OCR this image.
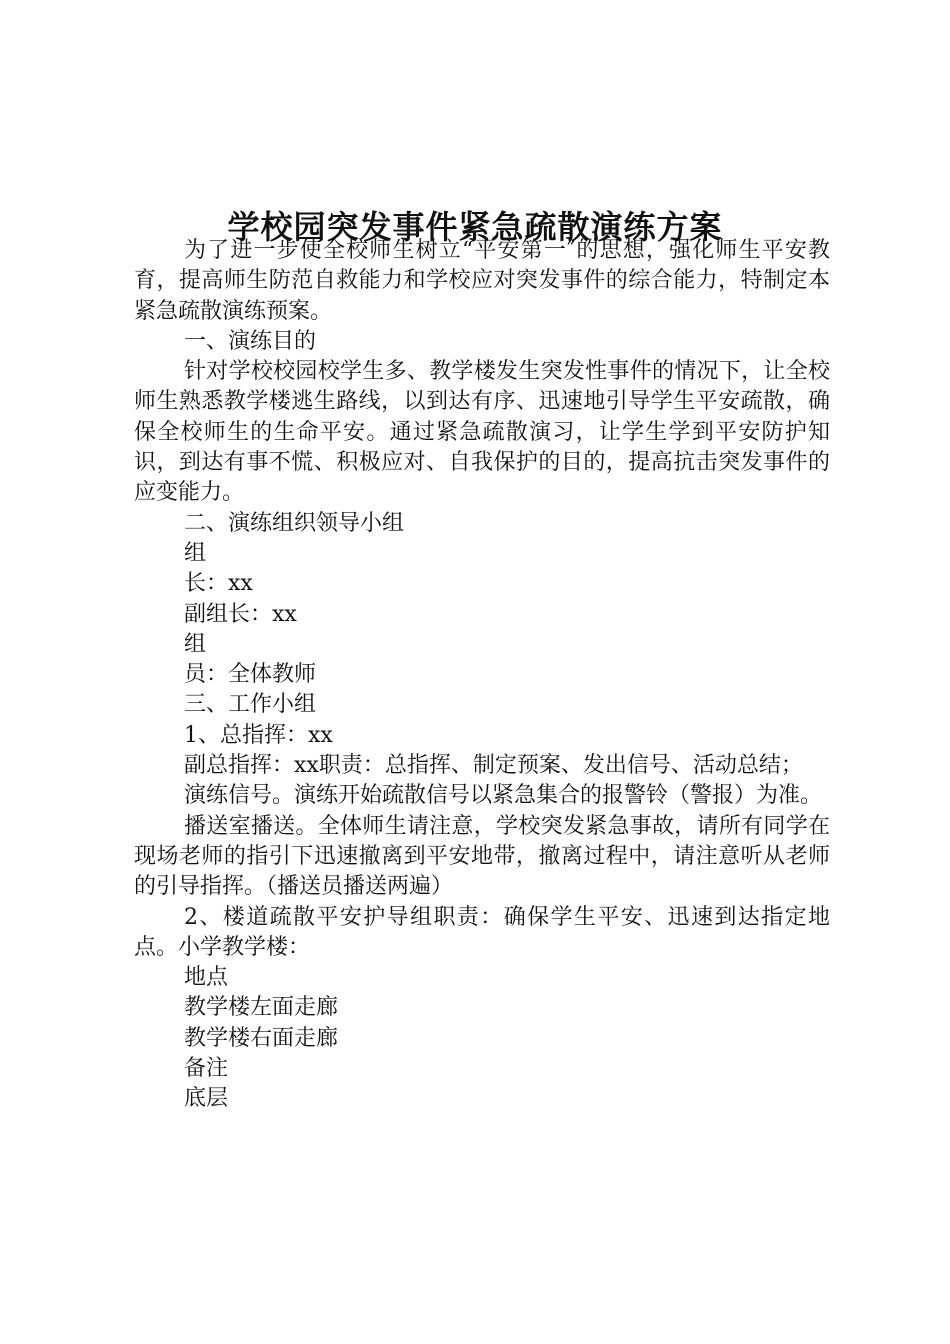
学校园突发事件紧急疏散演练方案

为了进一步使全校师生树立“平安第一″的思想，强化师生平安教育，提高师生防范自救能力和学校应对突发事件的综合能力，特制定本紧急疏散演练预案。

一、演练目的

针对学校校园校学生多、教学楼发生突发性事件的情况下，让全校师生熟悉教学楼逃生路线，以到达有序、迅速地引导学生平安疏散，确保全校师生的生命平安。通过紧急疏散演习，让学生学到平安防护知识，到达有事不慌、积极应对、自我保护的目的，提高抗击突发事件的应变能力。

二、演练组织领导小组

组

长：xx

副组长：xx

组

员：全体教师

三、工作小组

1、总指挥：xx

副总指挥：xx职责：总指挥、制定预案、发出信号、活动总结；

演练信号。演练开始疏散信号以紧急集合的报警铃（警报）为准。

播送室播送。全体师生请注意，学校突发紧急事故，请所有同学在现场老师的指引下迅速撤离到平安地带，撤离过程中，请注意听从老师的引导指挥。（播送员播送两遍）

2、楼道疏散平安护导组职责：确保学生平安、迅速到达指定地点。小学教学楼：

地点

教学楼左面走廊

教学楼右面走廊

备注

底层
